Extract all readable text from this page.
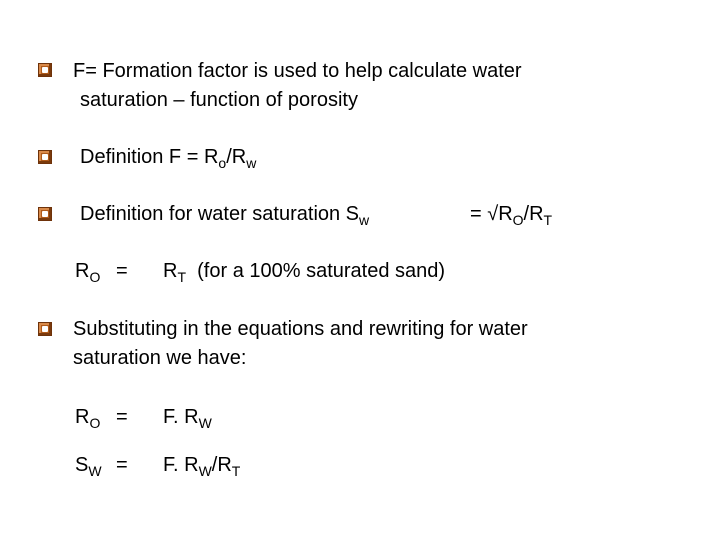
F= Formation factor is used to help calculate water
saturation – function of porosity
Definition $F = R_o/R_w$
Definition for water saturation $S_w$	= $√R_O/R_T$
$R_O = R_T$ (for a 100% saturated sand)
Substituting in the equations and rewriting for water
saturation we have:
$R_O = F$. $R_W$
$S_W = F$. $R_W/R_T$
